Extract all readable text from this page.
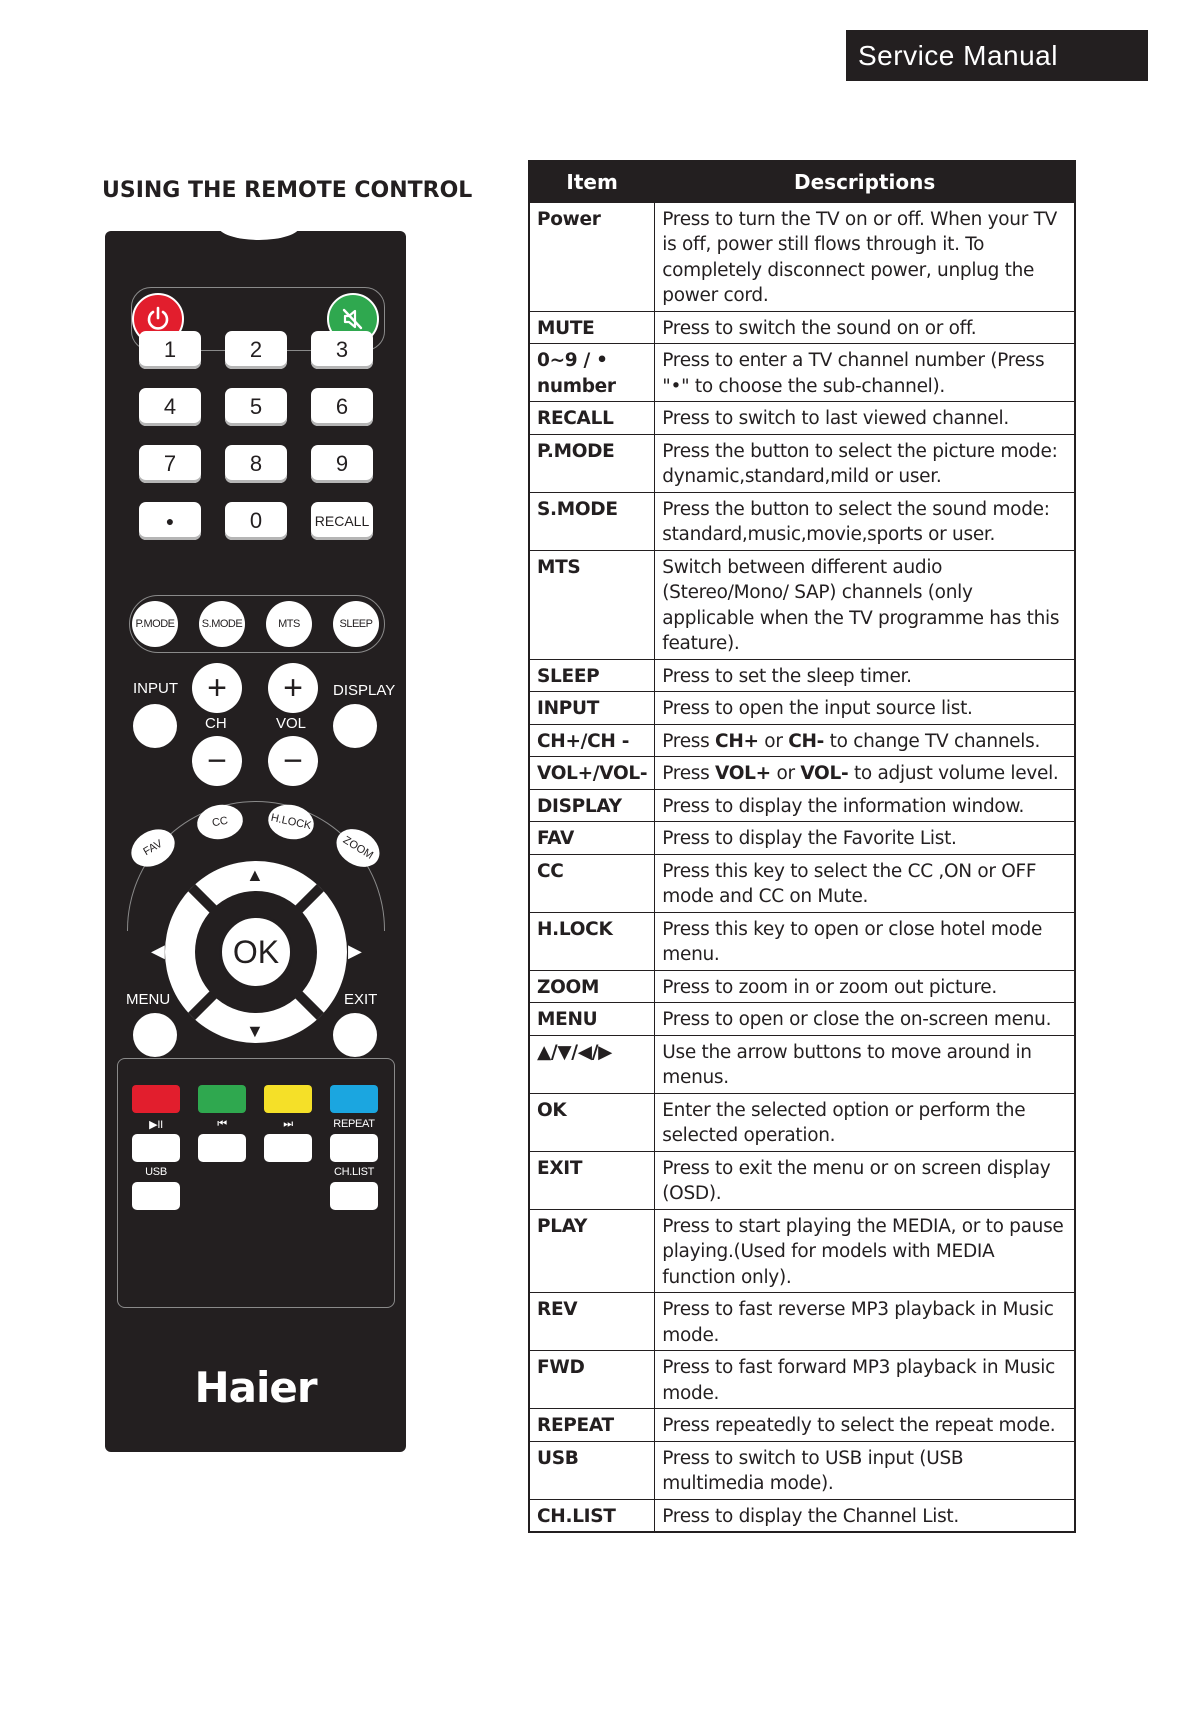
Service Manual
USING THE REMOTE CONTROL
1	2	3
4	5	6
7	8	9
●	0	RECALL
P.MODE	S.MODE	MTS	SLEEP
INPUT	DISPLAY
+
CH
−
+
VOL
−
FAV
CC	H.LOCK
ZOOM
OK
▲
▼
◀	▶
MENU	EXIT
▶II	⏮	⏭	REPEAT
USB	CH.LIST
Haier
Item	Descriptions
Power	Press to turn the TV on or off. When your TV is off, power still flows through it. To completely disconnect power, unplug the power cord.
MUTE	Press to switch the sound on or off.
0~9 / • number	Press to enter a TV channel number (Press "•" to choose the sub-channel).
RECALL	Press to switch to last viewed channel.
P.MODE	Press the button to select the picture mode: dynamic,standard,mild or user.
S.MODE	Press the button to select the sound mode: standard,music,movie,sports or user.
MTS	Switch between different audio (Stereo/Mono/ SAP) channels (only applicable when the TV programme has this feature).
SLEEP	Press to set the sleep timer.
INPUT	Press to open the input source list.
CH+/CH -	Press CH+ or CH- to change TV channels.
VOL+/VOL-	Press VOL+ or VOL- to adjust volume level.
DISPLAY	Press to display the information window.
FAV	Press to display the Favorite List.
CC	Press this key to select the CC ,ON or OFF mode and CC on Mute.
H.LOCK	Press this key to open or close hotel mode menu.
ZOOM	Press to zoom in or zoom out picture.
MENU	Press to open or close the on-screen menu.
▲/▼/◀/▶	Use the arrow buttons to move around in menus.
OK	Enter the selected option or perform the selected operation.
EXIT	Press to exit the menu or on screen display (OSD).
PLAY	Press to start playing the MEDIA, or to pause playing.(Used for models with MEDIA function only).
REV	Press to fast reverse MP3 playback in Music mode.
FWD	Press to fast forward MP3 playback in Music mode.
REPEAT	Press repeatedly to select the repeat mode.
USB	Press to switch to USB input (USB multimedia mode).
CH.LIST	Press to display the Channel List.
